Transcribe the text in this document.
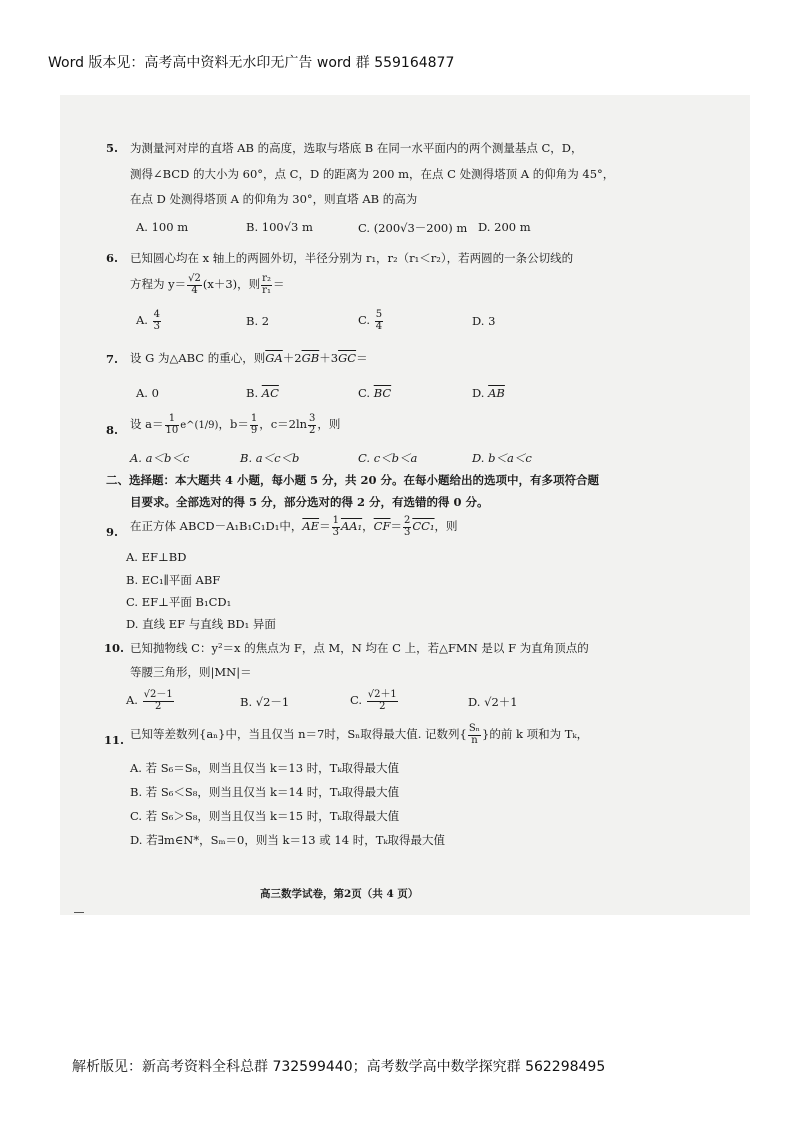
Word 版本见：高考高中资料无水印无广告 word 群 559164877
5. 为测量河对岸的直塔 AB 的高度，选取与塔底 B 在同一水平面内的两个测量基点 C，D，
测得∠BCD 的大小为 60°，点 C，D 的距离为 200 m，在点 C 处测得塔顶 A 的仰角为 45°，
在点 D 处测得塔顶 A 的仰角为 30°，则直塔 AB 的高为
A. 100 m	B. 100√3 m	C. (200√3－200) m D. 200 m
6. 已知圆心均在 x 轴上的两圆外切，半径分别为 r₁，r₂（r₁＜r₂），若两圆的一条公切线的
方程为 $y= \frac{√2}{4} (x+3)$，则 $\frac{\text{r₂}}{\text{r₁}}$ ＝
A. $\frac{4}{3}$	B. 2	C. $\frac{5}{4}$	D. 3
7. 设 G 为△ABC 的重心，则$\overline{GA}+2\overline{GB}+3\overline{GC}=$
A. 0	B. $\overline{AC}$	C. $\overline{BC}$	D. $\overline{AB}$
8. 设 $a= \frac{1}{10}$ e^(1/9)，$b= \frac{1}{9}$ ，$c=2\ln \frac{3}{2}$ ，则
A. a＜b＜c	B. a＜c＜b	C. c＜b＜a	D. b＜a＜c
二、选择题：本大题共 4 小题，每小题 5 分，共 20 分。在每小题给出的选项中，有多项符合题
目要求。全部选对的得 5 分，部分选对的得 2 分，有选错的得 0 分。
9. 在正方体 ABCD－A₁B₁C₁D₁中，$\overline{AE}= \frac{1}{3} AA_1$，$\overline{CF}= \frac{2}{3} CC_1$，则
A. EF⊥BD
B. EC₁∥平面 ABF
C. EF⊥平面 B₁CD₁
D. 直线 EF 与直线 BD₁ 异面
10. 已知抛物线 C：y²＝x 的焦点为 F，点 M，N 均在 C 上，若△FMN 是以 F 为直角顶点的
等腰三角形，则|MN|＝
A. $\frac{√2-1}{2}$	B. √2－1	C. $\frac{√2+1}{2}$	D. √2＋1
11. 已知等差数列{aₙ}中，当且仅当 n＝7时，Sₙ取得最大值. 记数列{ $\frac{\text{Sₙ}}{n}$ }的前 k 项和为 Tₖ，
A. 若 S₆＝S₈，则当且仅当 k＝13 时，Tₖ取得最大值
B. 若 S₆＜S₈，则当且仅当 k＝14 时，Tₖ取得最大值
C. 若 S₆＞S₈，则当且仅当 k＝15 时，Tₖ取得最大值
D. 若∃m∈N*，Sₘ＝0，则当 k＝13 或 14 时，Tₖ取得最大值
高三数学试卷，第2页（共 4 页）
解析版见：新高考资料全科总群 732599440；高考数学高中数学探究群 562298495
